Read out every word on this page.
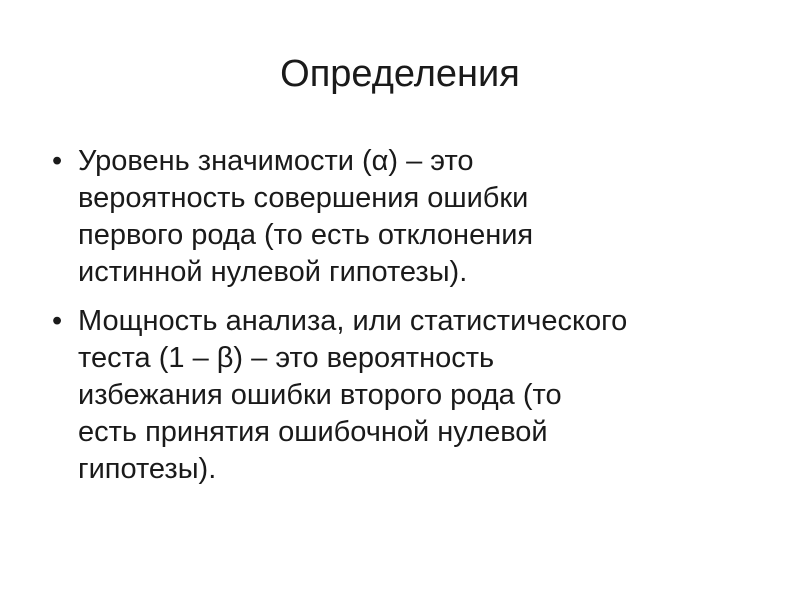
Определения
• Уровень значимости (α) – это
вероятность совершения ошибки
первого рода (то есть отклонения
истинной нулевой гипотезы).
• Мощность анализа, или статистического
теста (1 – β) – это вероятность
избежания ошибки второго рода (то
есть принятия ошибочной нулевой
гипотезы).
